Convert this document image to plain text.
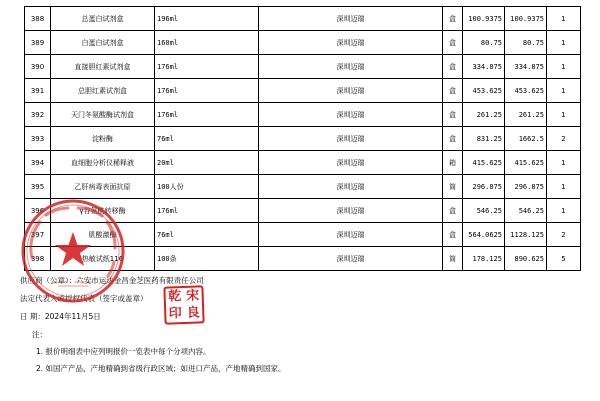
388	总蛋白试剂盒	196ml	深圳迈瑞	盒	100.9375	100.9375	1
389	白蛋白试剂盒	160ml	深圳迈瑞	盒	80.75	80.75	1
390	直接胆红素试剂盒	176ml	深圳迈瑞	盒	334.875	334.875	1
391	总胆红素试剂盒	176ml	深圳迈瑞	盒	453.625	453.625	1
392	天门冬氨酸酶试剂盒	176ml	深圳迈瑞	盒	261.25	261.25	1
393	淀粉酶	76ml	深圳迈瑞	盒	831.25	1662.5	2
394	血细胞分析仪稀释液	20ml	深圳迈瑞	箱	415.625	415.625	1
395	乙肝病毒表面抗原	100人份	深圳迈瑞	筒	296.875	296.875	1
396	γ谷氨酰转移酶	176ml	深圳迈瑞	盒	546.25	546.25	1
397	肌酸激酶	76ml	深圳迈瑞	盒	564.0625	1128.125	2
398	热敏试纸116	100条	深圳迈瑞	筒	178.125	890.625	5
供应商（公章）：六安市运达金昌金芝医药有限责任公司
法定代表人或授权代表（签字或盖章）
日 期：2024年11月5日
注：
1. 报价明细表中应列明报价一览表中每个分项内容。
2. 如国产产品，产地精确到省级行政区域；如进口产品，产地精确到国家。
乾 宋
印 良
